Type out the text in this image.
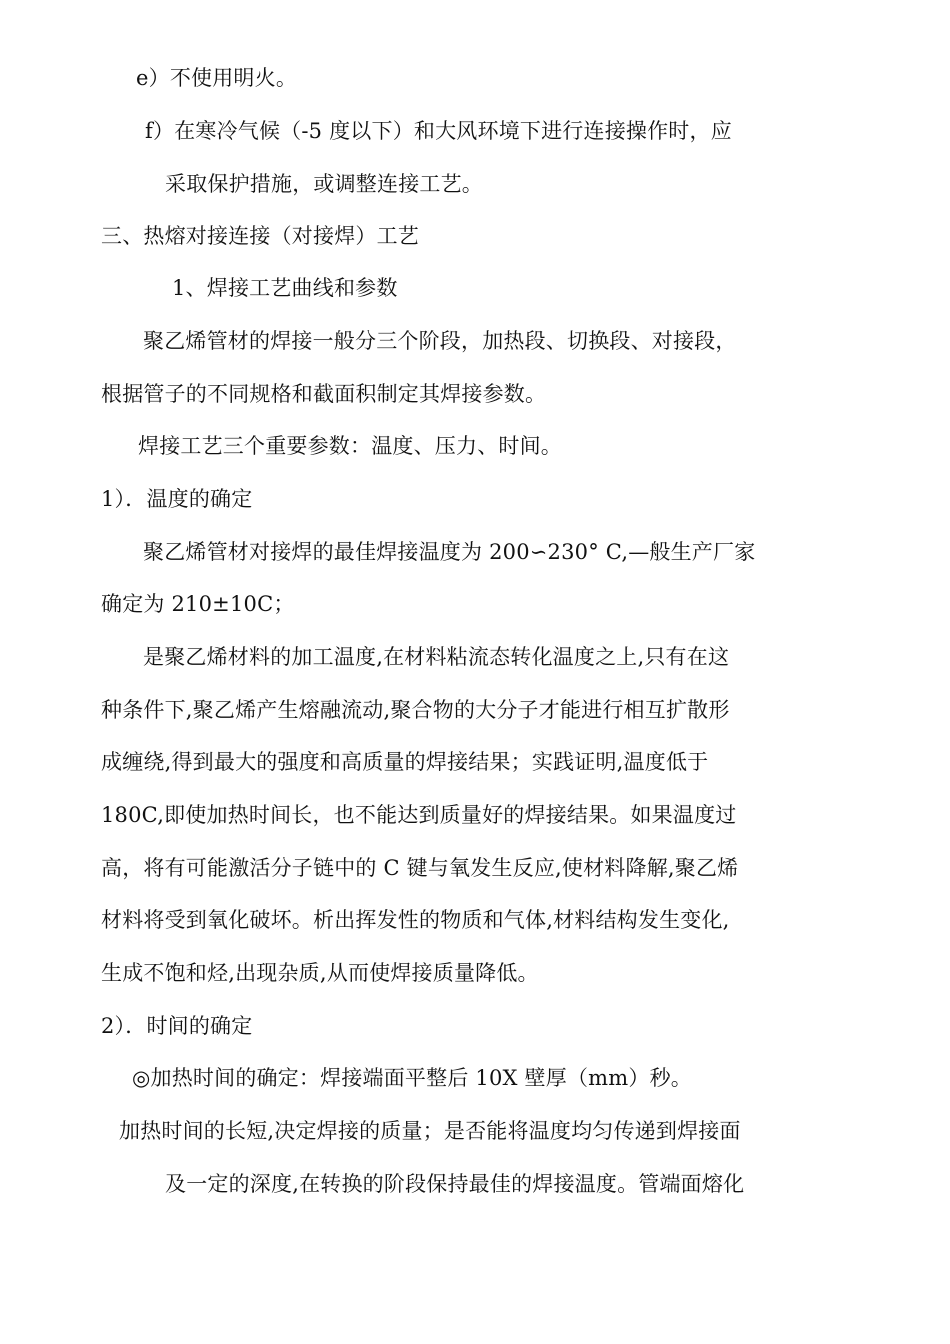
e）不使用明火。
f）在寒冷气候（-5 度以下）和大风环境下进行连接操作时，应
采取保护措施，或调整连接工艺。
三、热熔对接连接（对接焊）工艺
1、焊接工艺曲线和参数
聚乙烯管材的焊接一般分三个阶段，加热段、切换段、对接段，
根据管子的不同规格和截面积制定其焊接参数。
焊接工艺三个重要参数：温度、压力、时间。
1）．温度的确定
聚乙烯管材对接焊的最佳焊接温度为 200∽230° C,—般生产厂家
确定为 210±10C；
是聚乙烯材料的加工温度,在材料粘流态转化温度之上,只有在这
种条件下,聚乙烯产生熔融流动,聚合物的大分子才能进行相互扩散形
成缠绕,得到最大的强度和高质量的焊接结果；实践证明,温度低于
180C,即使加热时间长，也不能达到质量好的焊接结果。如果温度过
高，将有可能激活分子链中的 C 键与氧发生反应,使材料降解,聚乙烯
材料将受到氧化破坏。析出挥发性的物质和气体,材料结构发生变化,
生成不饱和烃,出现杂质,从而使焊接质量降低。
2）．时间的确定
◎加热时间的确定：焊接端面平整后 10X 壁厚（mm）秒。
加热时间的长短,决定焊接的质量；是否能将温度均匀传递到焊接面
及一定的深度,在转换的阶段保持最佳的焊接温度。管端面熔化
